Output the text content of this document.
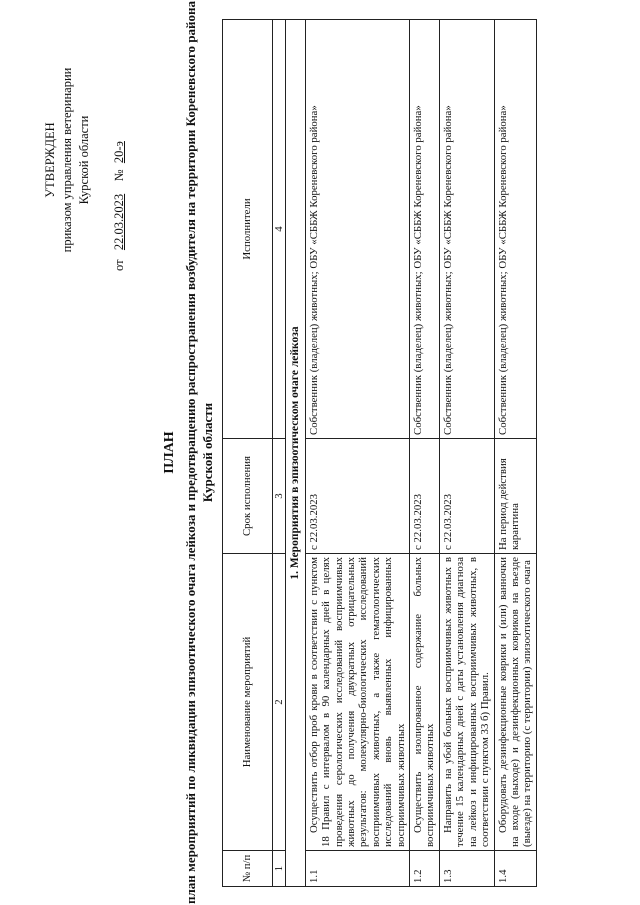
УТВЕРЖДЕН приказом управления ветеринарии Курской области
от   22.03.2023    №  20-э
ПЛАН план мероприятий по ликвидации эпизоотического очага лейкоза и предотвращению распространения возбудителя на территории Кореневского района Курской области
№ п/п	Наименование мероприятий	Срок исполнения	Исполнители
1	2	3	4
1. Мероприятия в эпизоотическом очаге лейкоза			
1.1	Осуществить отбор проб крови в соответствии с пунктом 18 Правил с интервалом в 90 календарных дней в целях проведения серологических исследований восприимчивых животных до получения двукратных отрицательных результатов: молекулярно-биологических исследований восприимчивых животных, а также гематологических исследований вновь выявленных инфицированных восприимчивых животных	с 22.03.2023	Собственник (владелец) животных; ОБУ «СББЖ Кореневского района»
1.2	Осуществить изолированное содержание больных восприимчивых животных	с 22.03.2023	Собственник (владелец) животных; ОБУ «СББЖ Кореневского района»
1.3	Направить на убой больных восприимчивых животных в течение 15 календарных дней с даты установления диагноза на лейкоз и инфицированных восприимчивых животных, в соответствии с пунктом 33 б) Правил.	с 22.03.2023	Собственник (владелец) животных; ОБУ «СББЖ Кореневского района»
1.4	Оборудовать дезинфекционные коврики и (или) ванночки на входе (выходе) и дезинфекционных ковриков на въезде (выезде) на территорию (с территории) эпизоотического очага	На период действия карантина	Собственник (владелец) животных; ОБУ «СББЖ Кореневского района»
